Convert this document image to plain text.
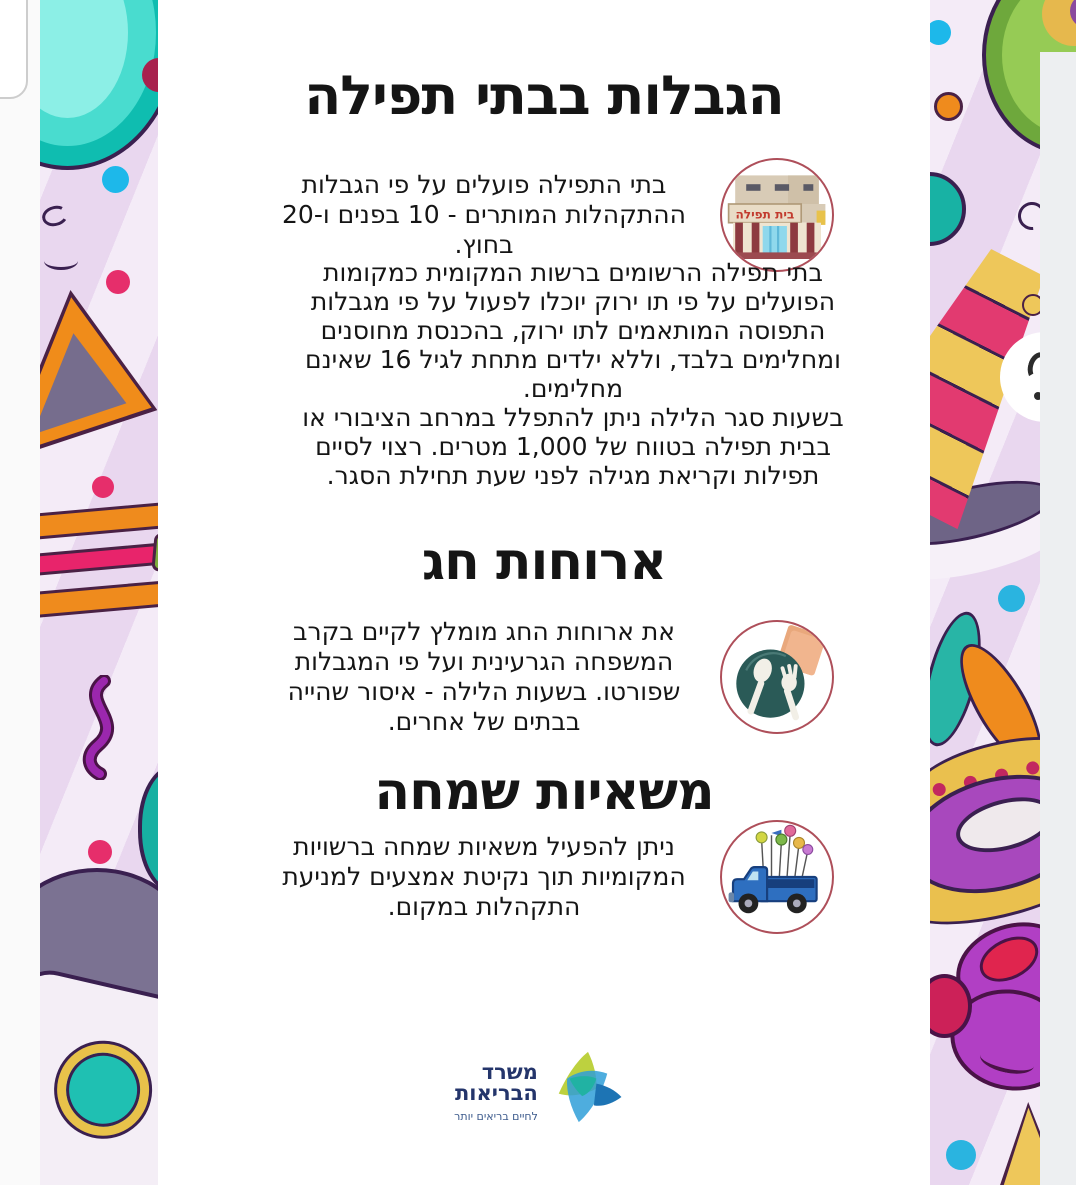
הגבלות בבתי תפילה
בית תפילה

בתי התפילה פועלים על פי הגבלות ההתקהלות המותרים - 10 בפנים ו-20 בחוץ.

בתי תפילה הרשומים ברשות המקומית כמקומות הפועלים על פי תו ירוק יוכלו לפעול על פי מגבלות התפוסה המותאמים לתו ירוק, בהכנסת מחוסנים ומחלימים בלבד, וללא ילדים מתחת לגיל 16 שאינם מחלימים.

בשעות סגר הלילה ניתן להתפלל במרחב הציבורי או בבית תפילה בטווח של 1,000 מטרים. רצוי לסיים תפילות וקריאת מגילה לפני שעת תחילת הסגר.

ארוחות חג

את ארוחות החג מומלץ לקיים בקרב המשפחה הגרעינית ועל פי המגבלות שפורטו. בשעות הלילה - איסור שהייה בבתים של אחרים.

משאיות שמחה

ניתן להפעיל משאיות שמחה ברשויות המקומיות תוך נקיטת אמצעים למניעת התקהלות במקום.

משרד
הבריאות
לחיים בריאים יותר
